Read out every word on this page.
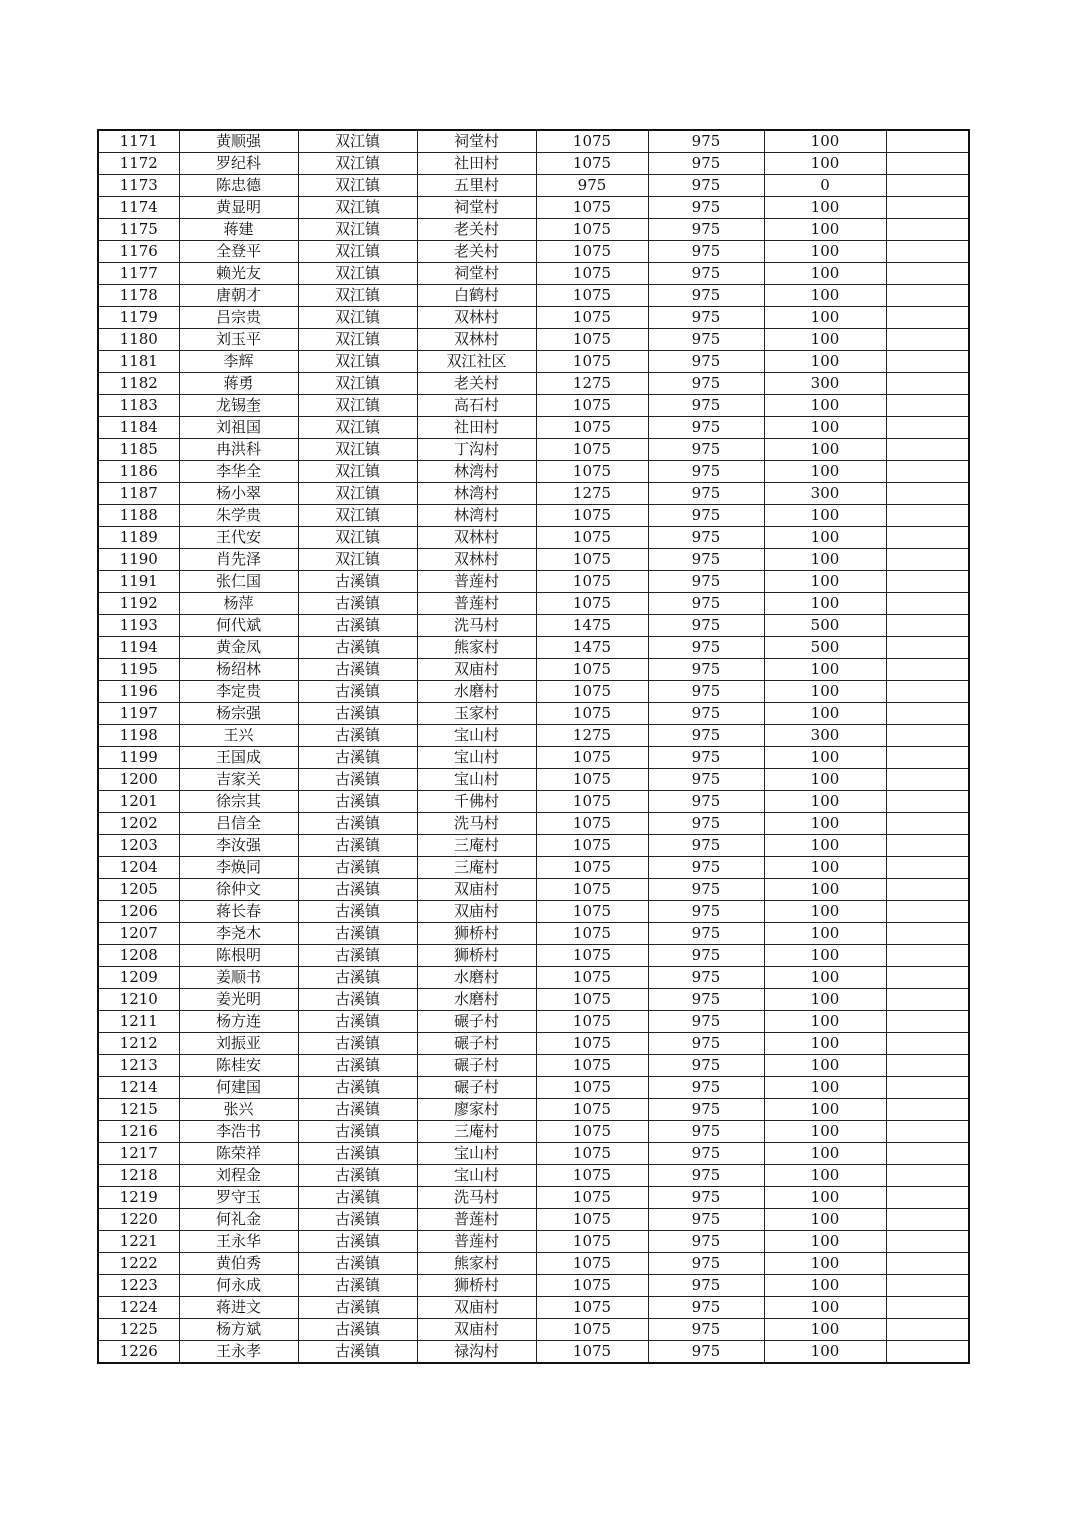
1171	黄顺强	双江镇	祠堂村	1075	975	100	
1172	罗纪科	双江镇	社田村	1075	975	100	
1173	陈忠德	双江镇	五里村	975	975	0	
1174	黄显明	双江镇	祠堂村	1075	975	100	
1175	蒋建	双江镇	老关村	1075	975	100	
1176	全登平	双江镇	老关村	1075	975	100	
1177	赖光友	双江镇	祠堂村	1075	975	100	
1178	唐朝才	双江镇	白鹤村	1075	975	100	
1179	吕宗贵	双江镇	双林村	1075	975	100	
1180	刘玉平	双江镇	双林村	1075	975	100	
1181	李辉	双江镇	双江社区	1075	975	100	
1182	蒋勇	双江镇	老关村	1275	975	300	
1183	龙锡奎	双江镇	高石村	1075	975	100	
1184	刘祖国	双江镇	社田村	1075	975	100	
1185	冉洪科	双江镇	丁沟村	1075	975	100	
1186	李华全	双江镇	林湾村	1075	975	100	
1187	杨小翠	双江镇	林湾村	1275	975	300	
1188	朱学贵	双江镇	林湾村	1075	975	100	
1189	王代安	双江镇	双林村	1075	975	100	
1190	肖先泽	双江镇	双林村	1075	975	100	
1191	张仁国	古溪镇	普莲村	1075	975	100	
1192	杨萍	古溪镇	普莲村	1075	975	100	
1193	何代斌	古溪镇	洗马村	1475	975	500	
1194	黄金凤	古溪镇	熊家村	1475	975	500	
1195	杨绍林	古溪镇	双庙村	1075	975	100	
1196	李定贵	古溪镇	水磨村	1075	975	100	
1197	杨宗强	古溪镇	玉家村	1075	975	100	
1198	王兴	古溪镇	宝山村	1275	975	300	
1199	王国成	古溪镇	宝山村	1075	975	100	
1200	吉家关	古溪镇	宝山村	1075	975	100	
1201	徐宗其	古溪镇	千佛村	1075	975	100	
1202	吕信全	古溪镇	洗马村	1075	975	100	
1203	李汝强	古溪镇	三庵村	1075	975	100	
1204	李焕同	古溪镇	三庵村	1075	975	100	
1205	徐仲文	古溪镇	双庙村	1075	975	100	
1206	蒋长春	古溪镇	双庙村	1075	975	100	
1207	李尧木	古溪镇	狮桥村	1075	975	100	
1208	陈根明	古溪镇	狮桥村	1075	975	100	
1209	姜顺书	古溪镇	水磨村	1075	975	100	
1210	姜光明	古溪镇	水磨村	1075	975	100	
1211	杨方连	古溪镇	碾子村	1075	975	100	
1212	刘振亚	古溪镇	碾子村	1075	975	100	
1213	陈桂安	古溪镇	碾子村	1075	975	100	
1214	何建国	古溪镇	碾子村	1075	975	100	
1215	张兴	古溪镇	廖家村	1075	975	100	
1216	李浩书	古溪镇	三庵村	1075	975	100	
1217	陈荣祥	古溪镇	宝山村	1075	975	100	
1218	刘程金	古溪镇	宝山村	1075	975	100	
1219	罗守玉	古溪镇	洗马村	1075	975	100	
1220	何礼金	古溪镇	普莲村	1075	975	100	
1221	王永华	古溪镇	普莲村	1075	975	100	
1222	黄伯秀	古溪镇	熊家村	1075	975	100	
1223	何永成	古溪镇	狮桥村	1075	975	100	
1224	蒋进文	古溪镇	双庙村	1075	975	100	
1225	杨方斌	古溪镇	双庙村	1075	975	100	
1226	王永孝	古溪镇	禄沟村	1075	975	100	
